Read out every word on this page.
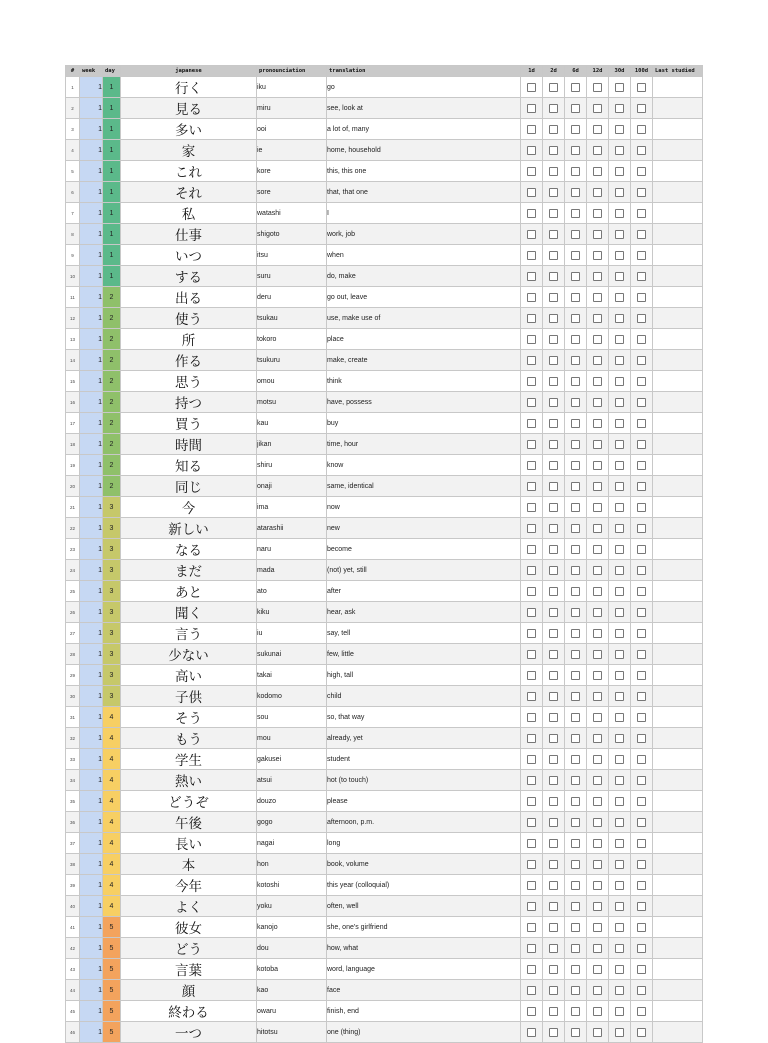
#	week	day	japanese	pronounciation	translation	1d	2d	6d	12d	30d	100d	Last studied
1	1	1	行く	iku	go							
2	1	1	見る	miru	see, look at							
3	1	1	多い	ooi	a lot of, many							
4	1	1	家	ie	home, household							
5	1	1	これ	kore	this, this one							
6	1	1	それ	sore	that, that one							
7	1	1	私	watashi	I							
8	1	1	仕事	shigoto	work, job							
9	1	1	いつ	itsu	when							
10	1	1	する	suru	do, make							
11	1	2	出る	deru	go out, leave							
12	1	2	使う	tsukau	use, make use of							
13	1	2	所	tokoro	place							
14	1	2	作る	tsukuru	make, create							
15	1	2	思う	omou	think							
16	1	2	持つ	motsu	have, possess							
17	1	2	買う	kau	buy							
18	1	2	時間	jikan	time, hour							
19	1	2	知る	shiru	know							
20	1	2	同じ	onaji	same, identical							
21	1	3	今	ima	now							
22	1	3	新しい	atarashii	new							
23	1	3	なる	naru	become							
24	1	3	まだ	mada	(not) yet, still							
25	1	3	あと	ato	after							
26	1	3	聞く	kiku	hear, ask							
27	1	3	言う	iu	say, tell							
28	1	3	少ない	sukunai	few, little							
29	1	3	高い	takai	high, tall							
30	1	3	子供	kodomo	child							
31	1	4	そう	sou	so, that way							
32	1	4	もう	mou	already, yet							
33	1	4	学生	gakusei	student							
34	1	4	熱い	atsui	hot (to touch)							
35	1	4	どうぞ	douzo	please							
36	1	4	午後	gogo	afternoon, p.m.							
37	1	4	長い	nagai	long							
38	1	4	本	hon	book, volume							
39	1	4	今年	kotoshi	this year (colloquial)							
40	1	4	よく	yoku	often, well							
41	1	5	彼女	kanojo	she, one's girlfriend							
42	1	5	どう	dou	how, what							
43	1	5	言葉	kotoba	word, language							
44	1	5	顔	kao	face							
45	1	5	終わる	owaru	finish, end							
46	1	5	一つ	hitotsu	one (thing)							
